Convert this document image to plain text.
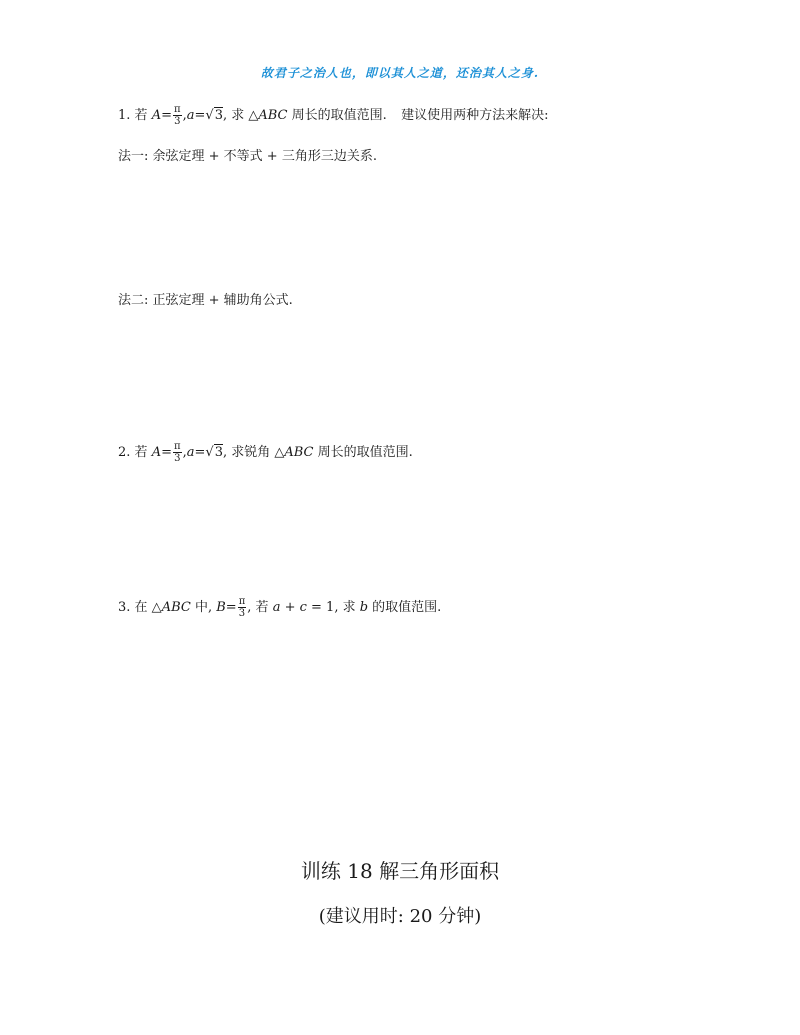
故君子之治人也，即以其人之道，还治其人之身.
1. 若 $A= \frac{\pi}{3} ,a=√3$, 求 △ABC 周长的取值范围. 建议使用两种方法来解决:
法一: 余弦定理 + 不等式 + 三角形三边关系.
法二: 正弦定理 + 辅助角公式.
2. 若 $A= \frac{\pi}{3} ,a=√3$, 求锐角 △ABC 周长的取值范围.
3. 在 △ABC 中, $B= \frac{\pi}{3}$ , 若 a + c = 1, 求 b 的取值范围.
训练 18 解三角形面积
(建议用时: 20 分钟)
